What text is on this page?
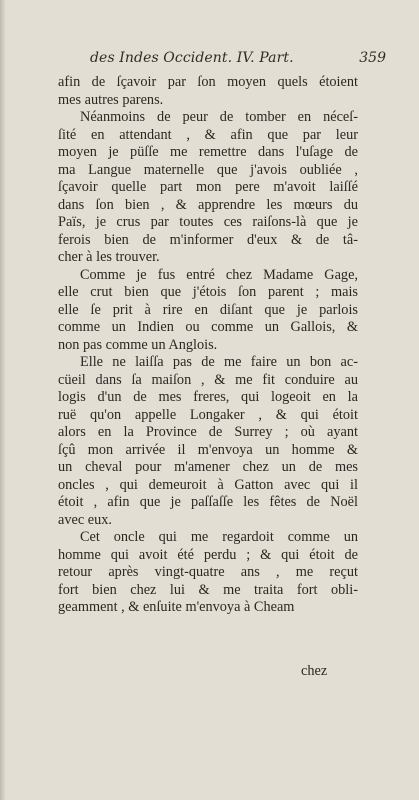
des Indes Occident. IV. Part.	359
afin de ſçavoir par ſon moyen quels étoient
mes autres parens.
Néanmoins de peur de tomber en néceſ-
ſité en attendant , & afin que par leur
moyen je püſſe me remettre dans l'uſage de
ma Langue maternelle que j'avois oubliée ,
ſçavoir quelle part mon pere m'avoit laiſſé
dans ſon bien , & apprendre les mœurs du
Païs, je crus par toutes ces raiſons-là que je
ferois bien de m'informer d'eux & de tâ-
cher à les trouver.
Comme je fus entré chez Madame Gage,
elle crut bien que j'étois ſon parent ; mais
elle ſe prit à rire en diſant que je parlois
comme un Indien ou comme un Gallois, &
non pas comme un Anglois.
Elle ne laiſſa pas de me faire un bon ac-
cüeil dans ſa maiſon , & me fit conduire au
logis d'un de mes freres, qui logeoit en la
ruë qu'on appelle Longaker , & qui étoit
alors en la Province de Surrey ; où ayant
ſçû mon arrivée il m'envoya un homme &
un cheval pour m'amener chez un de mes
oncles , qui demeuroit à Gatton avec qui il
étoit , afin que je paſſaſſe les fêtes de Noël
avec eux.
Cet oncle qui me regardoit comme un
homme qui avoit été perdu ; & qui étoit de
retour après vingt-quatre ans , me reçut
fort bien chez lui & me traita fort obli-
geamment , & enſuite m'envoya à Cheam
chez
